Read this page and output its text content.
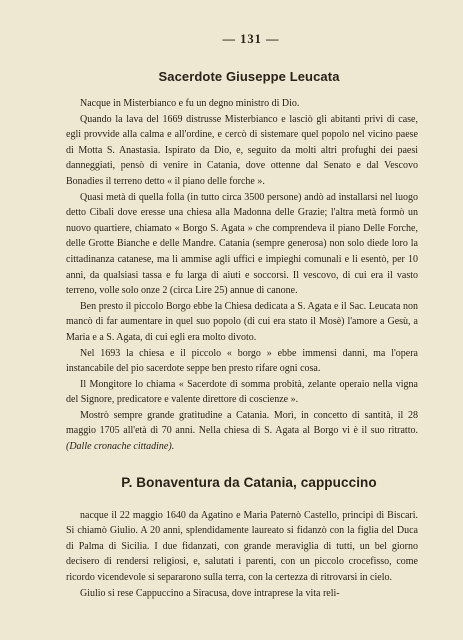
— 131 —
Sacerdote Giuseppe Leucata

Nacque in Misterbianco e fu un degno ministro di Dio.

Quando la lava del 1669 distrusse Misterbianco e lasciò gli abitanti privi di case, egli provvide alla calma e all'ordine, e cercò di sistemare quel popolo nel vicino paese di Motta S. Anastasia. Ispirato da Dio, e, seguito da molti altri profughi dei paesi danneggiati, pensò di venire in Catania, dove ottenne dal Senato e dal Vescovo Bonadies il terreno detto « il piano delle forche ».

Quasi metà di quella folla (in tutto circa 3500 persone) andò ad installarsi nel luogo detto Cibali dove eresse una chiesa alla Madonna delle Grazie; l'altra metà formò un nuovo quartiere, chiamato « Borgo S. Agata » che comprendeva il piano Delle Forche, delle Grotte Bianche e delle Mandre. Catania (sempre generosa) non solo diede loro la cittadinanza catanese, ma li ammise agli uffici e impieghi comunali e li esentò, per 10 anni, da qualsiasi tassa e fu larga di aiuti e soccorsi. Il vescovo, di cui era il vasto terreno, volle solo onze 2 (circa Lire 25) annue di canone.

Ben presto il piccolo Borgo ebbe la Chiesa dedicata a S. Agata e il Sac. Leucata non mancò di far aumentare in quel suo popolo (di cui era stato il Mosè) l'amore a Gesù, a Maria e a S. Agata, di cui egli era molto divoto.

Nel 1693 la chiesa e il piccolo « borgo » ebbe immensi danni, ma l'opera instancabile del pio sacerdote seppe ben presto rifare ogni cosa.

Il Mongitore lo chiama « Sacerdote di somma probità, zelante operaio nella vigna del Signore, predicatore e valente direttore di coscienze ».

Mostrò sempre grande gratitudine a Catania. Morì, in concetto di santità, il 28 maggio 1705 all'età di 70 anni. Nella chiesa di S. Agata al Borgo vi è il suo ritratto. (Dalle cronache cittadine).

P. Bonaventura da Catania, cappuccino

nacque il 22 maggio 1640 da Agatino e Maria Paternò Castello, principi di Biscari. Si chiamò Giulio. A 20 anni, splendidamente laureato si fidanzò con la figlia del Duca di Palma di Sicilia. I due fidanzati, con grande meraviglia di tutti, un bel giorno decisero di rendersi religiosi, e, salutati i parenti, con un piccolo crocefisso, come ricordo vicendevole si separarono sulla terra, con la certezza di ritrovarsi in cielo.

Giulio si rese Cappuccino a Siracusa, dove intraprese la vita reli-
